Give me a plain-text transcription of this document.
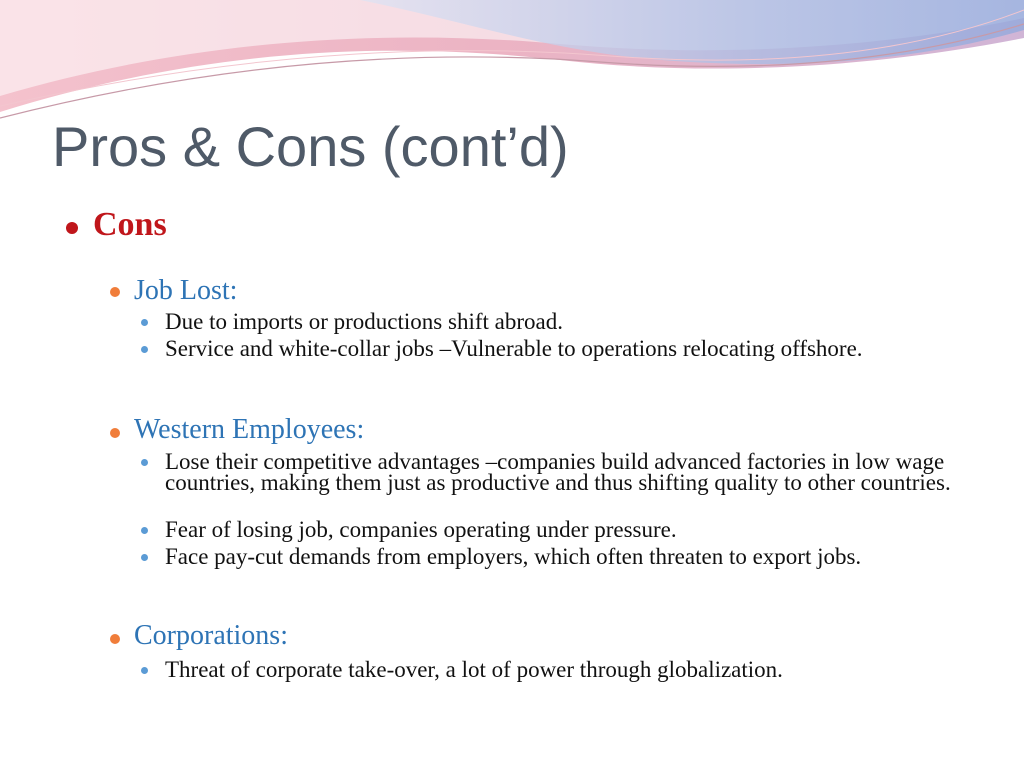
Pros & Cons (cont’d)
Cons
Job Lost:
Due to imports or productions shift abroad.
Service and white-collar jobs –Vulnerable to operations relocating offshore.
Western Employees:
Lose their competitive advantages –companies build advanced factories in low wage countries, making them just as productive and thus shifting quality to other countries.
Fear of losing job, companies operating under pressure.
Face pay-cut demands from employers, which often threaten to export jobs.
Corporations:
Threat of corporate take-over, a lot of power through globalization.
